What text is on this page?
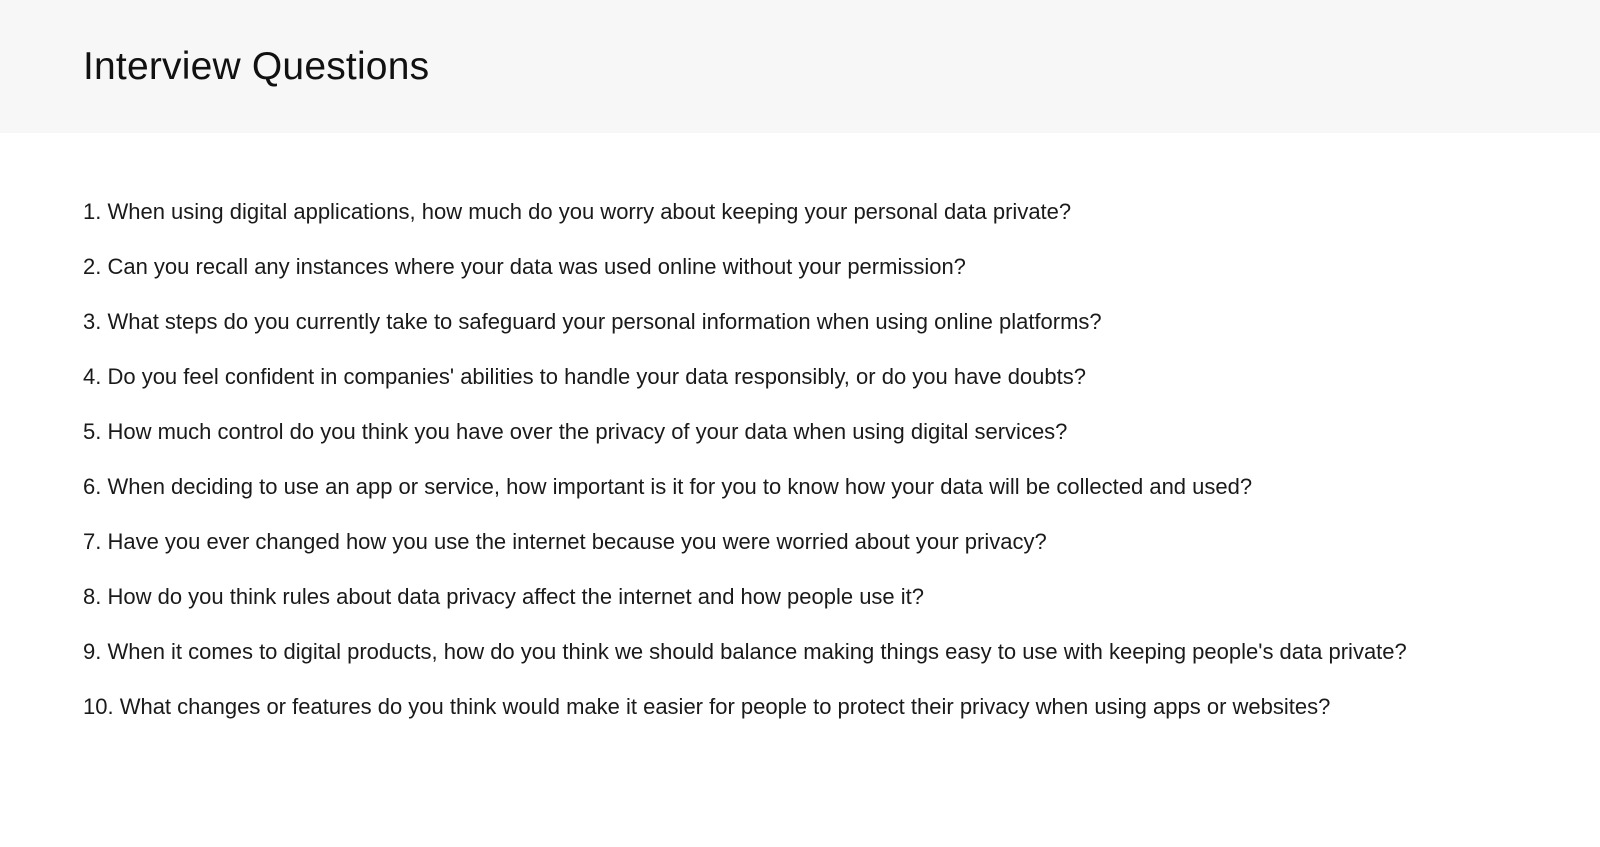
Interview Questions
1. When using digital applications, how much do you worry about keeping your personal data private?
2. Can you recall any instances where your data was used online without your permission?
3. What steps do you currently take to safeguard your personal information when using online platforms?
4. Do you feel confident in companies' abilities to handle your data responsibly, or do you have doubts?
5. How much control do you think you have over the privacy of your data when using digital services?
6. When deciding to use an app or service, how important is it for you to know how your data will be collected and used?
7. Have you ever changed how you use the internet because you were worried about your privacy?
8. How do you think rules about data privacy affect the internet and how people use it?
9. When it comes to digital products, how do you think we should balance making things easy to use with keeping people's data private?
10. What changes or features do you think would make it easier for people to protect their privacy when using apps or websites?
